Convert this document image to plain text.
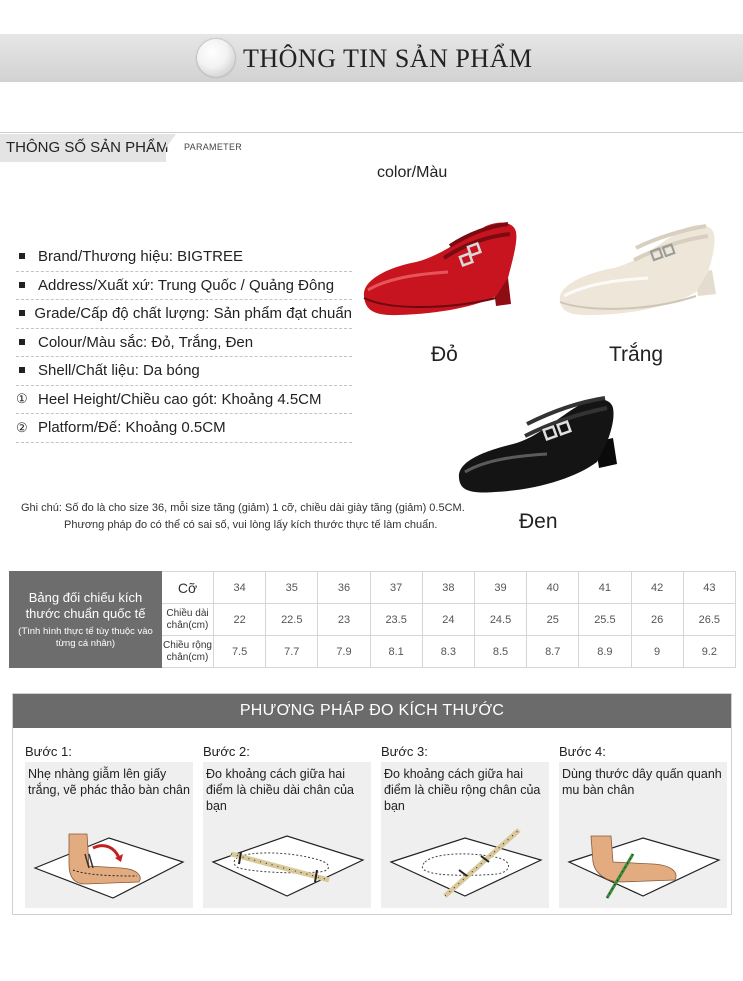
THÔNG TIN SẢN PHẨM
THÔNG SỐ SẢN PHẨM PARAMETER
Brand/Thương hiệu: BIGTREE
Address/Xuất xứ: Trung Quốc / Quảng Đông
Grade/Cấp độ chất lượng: Sản phẩm đạt chuẩn
Colour/Màu sắc: Đỏ, Trắng, Đen
Shell/Chất liệu: Da bóng
① Heel Height/Chiều cao gót: Khoảng 4.5CM
② Platform/Đế: Khoảng 0.5CM
color/Màu
Đỏ	Trắng
Đen
Ghi chú: Số đo là cho size 36, mỗi size tăng (giảm) 1 cỡ, chiều dài giày tăng (giảm) 0.5CM.
Phương pháp đo có thể có sai số, vui lòng lấy kích thước thực tế làm chuẩn.
Bảng đối chiếu kích thước chuẩn quốc tế
(Tình hình thực tế tùy thuộc vào từng cá nhân)	Cỡ	34	35	36	37	38	39	40	41	42	43
	Chiều dài chân(cm)	22	22.5	23	23.5	24	24.5	25	25.5	26	26.5
	Chiều rộng chân(cm)	7.5	7.7	7.9	8.1	8.3	8.5	8.7	8.9	9	9.2
PHƯƠNG PHÁP ĐO KÍCH THƯỚC
Bước 1:
Nhẹ nhàng giẫm lên giấy trắng, vẽ phác thảo bàn chân
Bước 2:
Đo khoảng cách giữa hai điểm là chiều dài chân của bạn
Bước 3:
Đo khoảng cách giữa hai điểm là chiều rộng chân của bạn
Bước 4:
Dùng thước dây quấn quanh mu bàn chân
